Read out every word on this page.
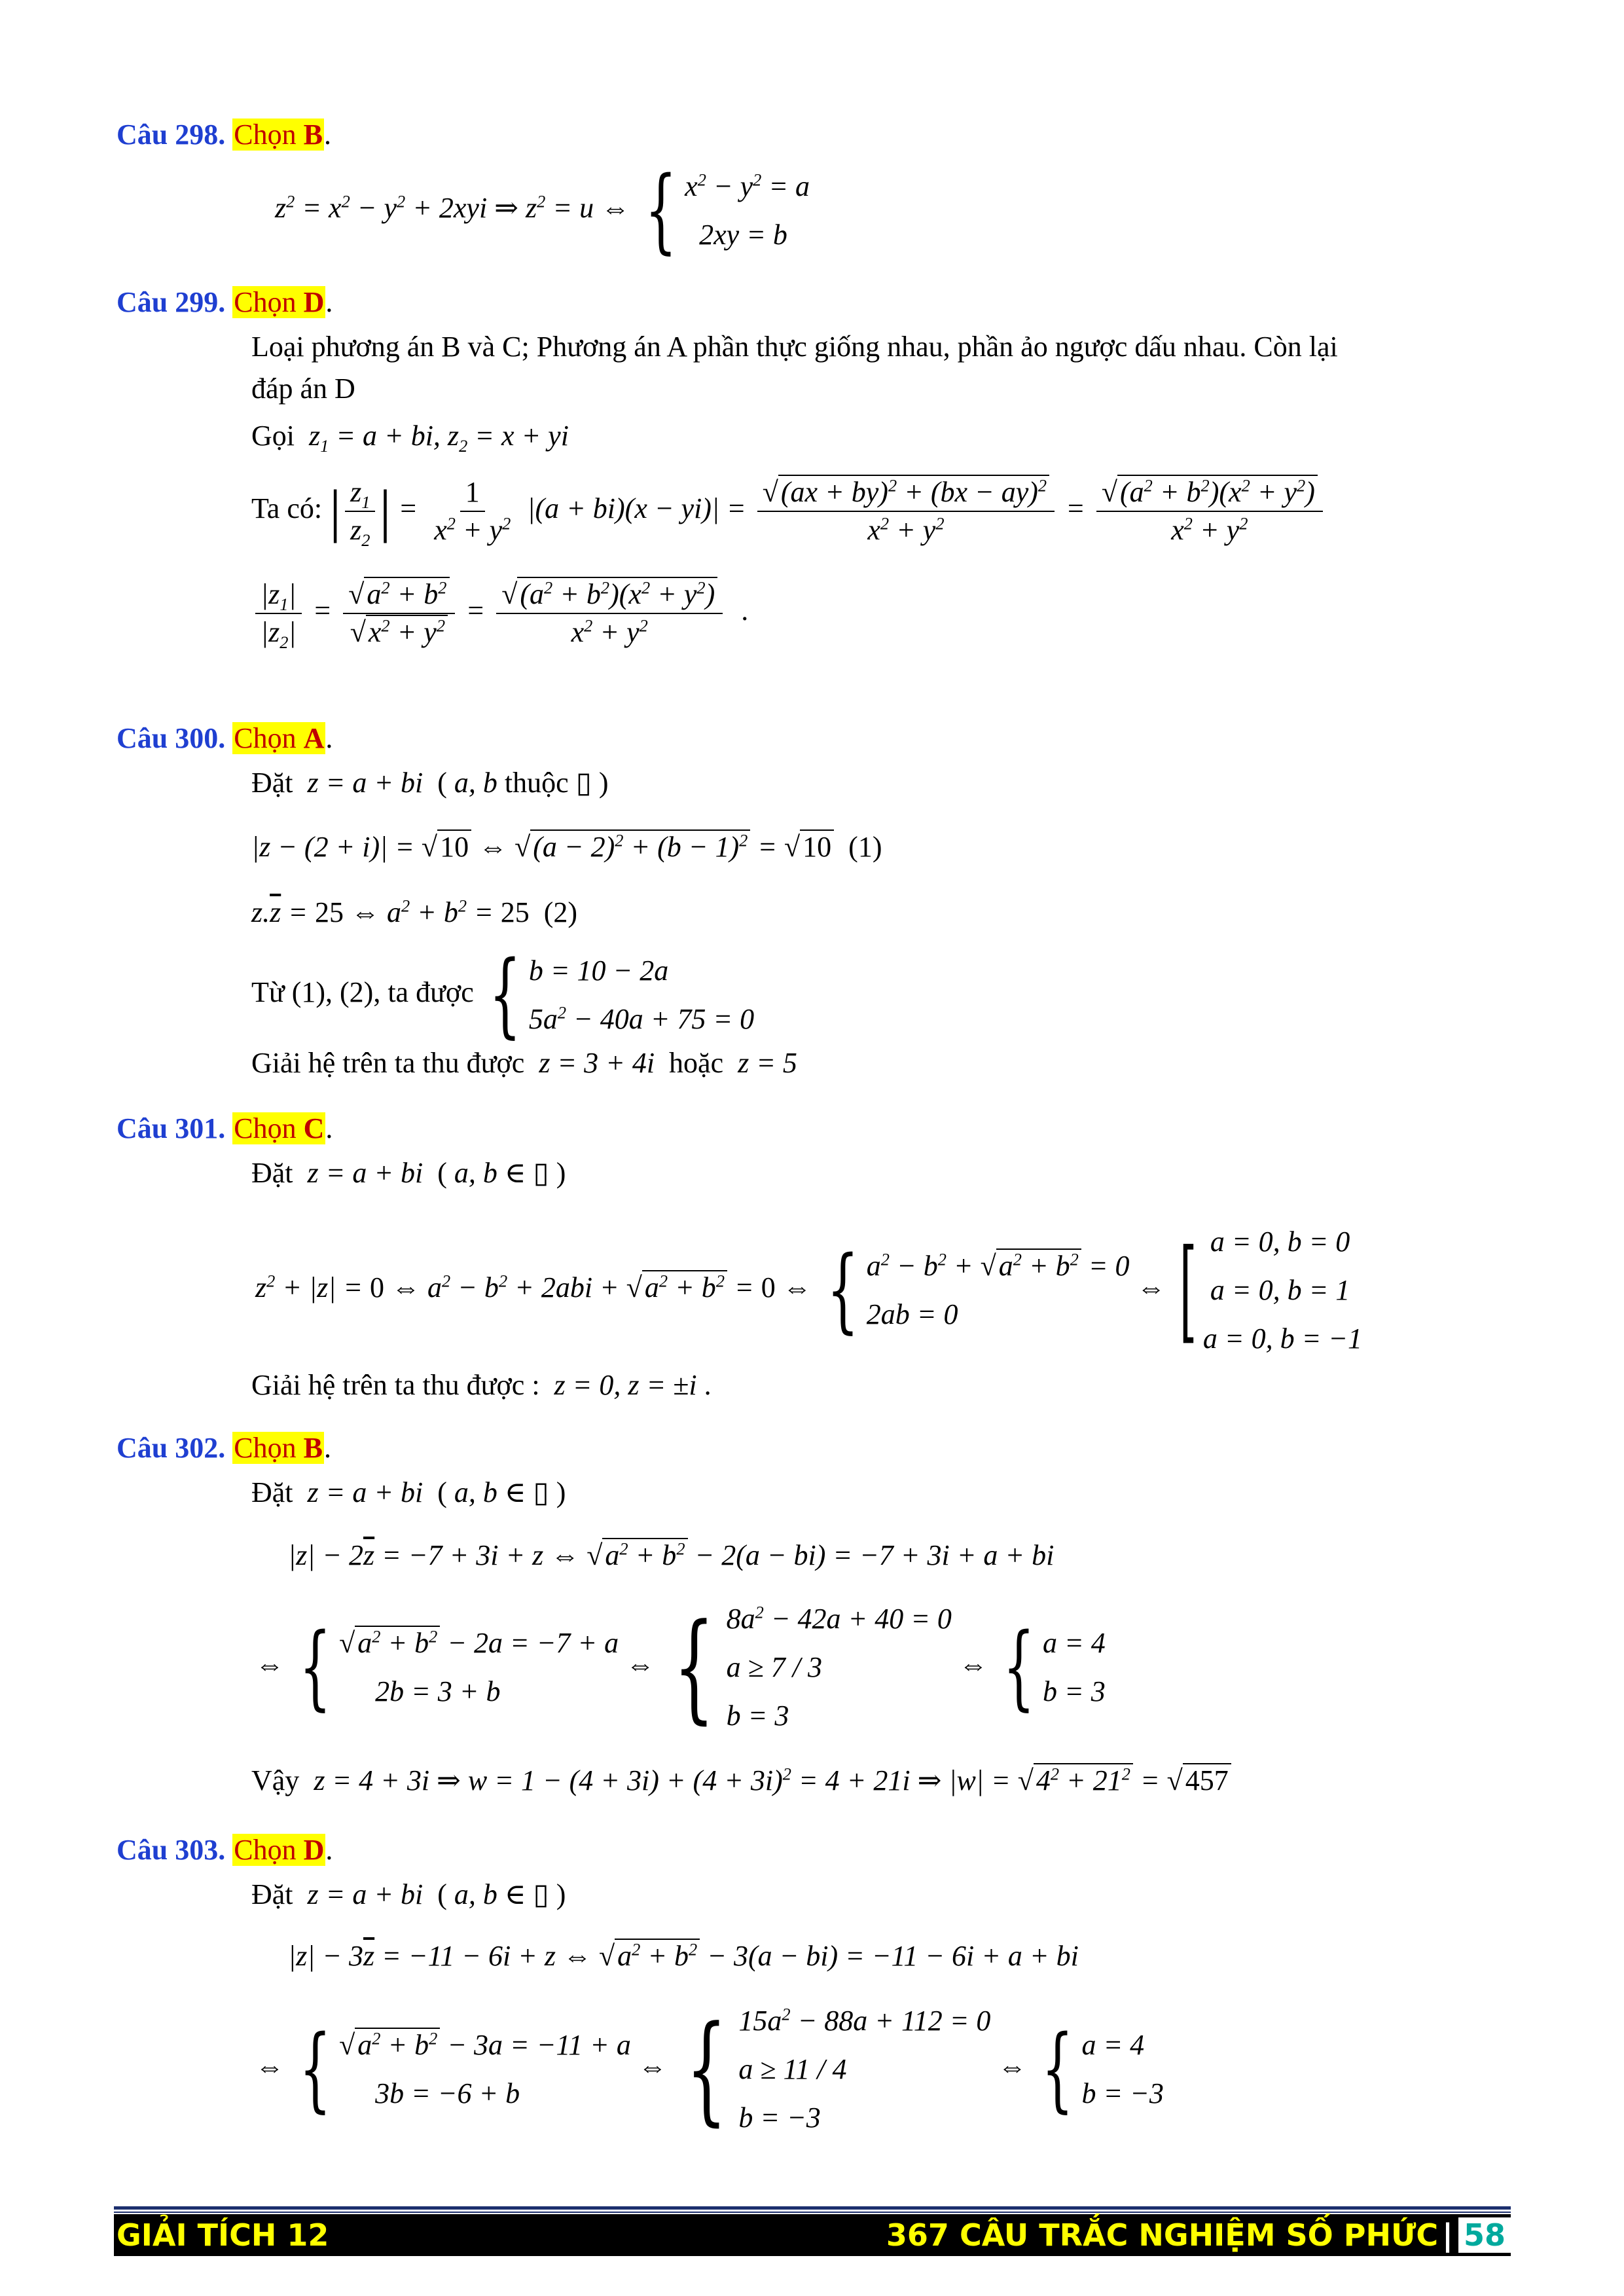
Câu 298. Chọn B.
$z^2 = x^2 - y^2 + 2xyi$ ⇒ $z^2 = u$ ⇔ { $x^2 - y^2 = a$
2xy = b
Câu 299. Chọn D.
Loại phương án B và C; Phương án A phần thực giống nhau, phần ảo ngược dấu nhau. Còn lại
đáp án D
Gọi  $z_1 = a$ + bi, $z_2 = x$ + yi
Ta có: | $\frac{z_1}{z_2}$ | = $\frac{1}{x^2 + y^2} |(a + bi)(x - yi)| = \frac{√(ax + by)^2 + (bx - ay)^2}{x^2 + y^2} = \frac{√(a^2 + b^2)(x^2 + y^2)}{x^2 + y^2}$
$\frac{|z_1|}{|z_2|} = \frac{√a^2 + b^2}{√x^2 + y^2} = \frac{√(a^2 + b^2)(x^2 + y^2)}{x^2 + y^2}$ .
Câu 300. Chọn A.
Đặt  z = a + bi  ( a, b thuộc ▯ )
|z − (2 + i)| = √10 ⇔ $√(a - 2)^2 + (b - 1)^2 = √10$  (1)
$z.\overline{z} = 25$ ⇔ $a^2 + b^2 = 25$  (2)
Từ (1), (2), ta được { b = 10 − 2a
$5a^2 - 40a + 75 = 0$
Giải hệ trên ta thu được  z = 3 + 4i  hoặc  z = 5
Câu 301. Chọn C.
Đặt  z = a + bi  ( a, b ∈ ▯ )
$z^2 + |z| = 0$ ⇔ $a^2 - b^2 + 2abi + √a^2 + b^2 = 0$ ⇔ { $a^2 - b^2 + √a^2 + b^2 = 0$
2ab = 0
⇔ [ a = 0, b = 0
a = 0, b = 1
a = 0, b = −1
Giải hệ trên ta thu được :  z = 0, z = ±i .
Câu 302. Chọn B.
Đặt  z = a + bi  ( a, b ∈ ▯ )
$|z| - 2\overline{z} = -7 + 3i + z$ ⇔ $√a^2 + b^2 - 2(a - bi) = -7 + 3i + a$ + bi
⇔ { $√a^2 + b^2 - 2a = -7 + a$
2b = 3 + b
⇔ { $8a^2 - 42a + 40 = 0$
a ≥ 7 / 3
b = 3
⇔ { a = 4
b = 3
Vậy  z = 4 + 3i ⇒ $w = 1 - (4 + 3i) + (4 + 3i)^2 = 4 + 21i$ ⇒ $|w| = √4^2 + 21^2 = √457$
Câu 303. Chọn D.
Đặt  z = a + bi  ( a, b ∈ ▯ )
$|z| - 3\overline{z} = -11 - 6i + z$ ⇔ $√a^2 + b^2 - 3(a - bi) = -11 - 6i + a$ + bi
⇔ { $√a^2 + b^2 - 3a = -11 + a$
3b = −6 + b
⇔ { $15a^2 - 88a + 112 = 0$
a ≥ 11 / 4
b = −3
⇔ { a = 4
b = −3
GIẢI TÍCH 12	367 CÂU TRẮC NGHIỆM SỐ PHỨC | 58
